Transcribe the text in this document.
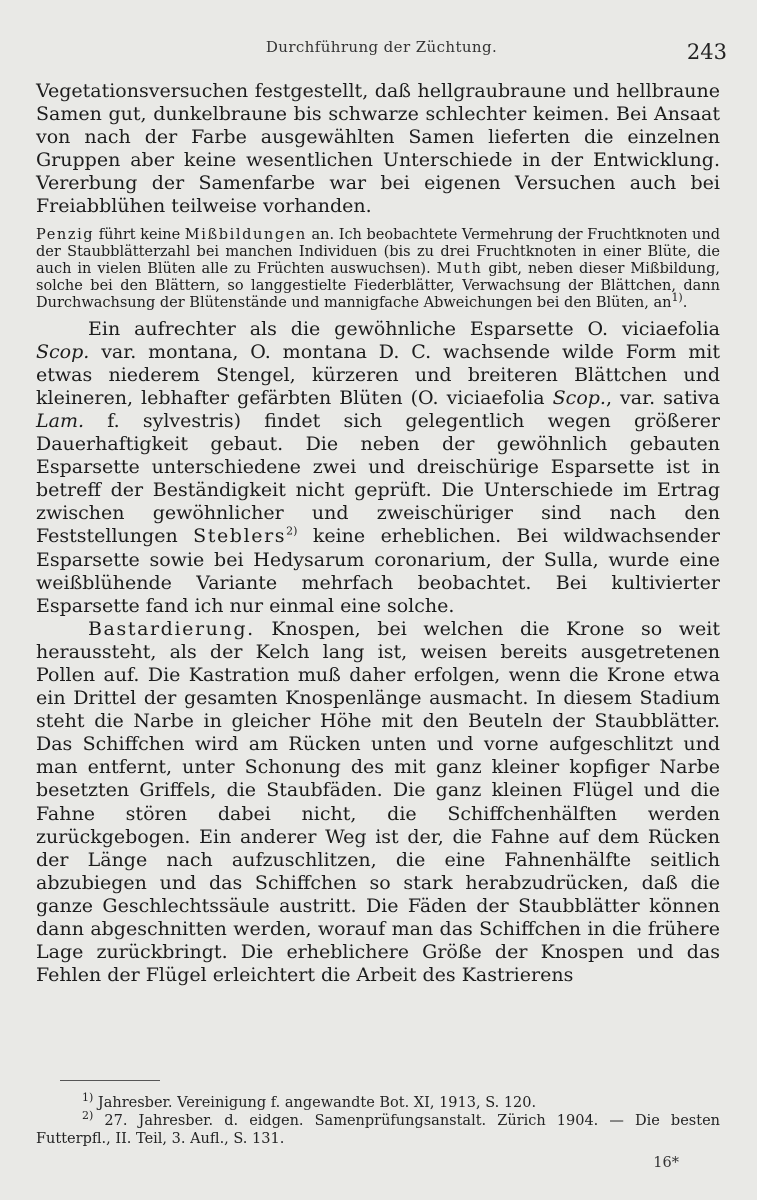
Durchführung der Züchtung.	243

Vegetationsversuchen festgestellt, daß hellgraubraune und hellbraune Samen gut, dunkelbraune bis schwarze schlechter keimen. Bei Ansaat von nach der Farbe ausgewählten Samen lieferten die einzelnen Gruppen aber keine wesentlichen Unterschiede in der Entwicklung. Vererbung der Samenfarbe war bei eigenen Versuchen auch bei Freiabblühen teilweise vorhanden.

Penzig führt keine Mißbildungen an. Ich beobachtete Vermehrung der Fruchtknoten und der Staubblätterzahl bei manchen Individuen (bis zu drei Fruchtknoten in einer Blüte, die auch in vielen Blüten alle zu Früchten auswuchsen). Muth gibt, neben dieser Mißbildung, solche bei den Blättern, so langgestielte Fiederblätter, Verwachsung der Blättchen, dann Durchwachsung der Blütenstände und mannigfache Abweichungen bei den Blüten, $an^{1)}$.

Ein aufrechter als die gewöhnliche Esparsette O. viciaefolia Scop. var. montana, O. montana D. C. wachsende wilde Form mit etwas niederem Stengel, kürzeren und breiteren Blättchen und kleineren, lebhafter gefärbten Blüten (O. viciaefolia Scop., var. sativa Lam. f. sylvestris) findet sich gelegentlich wegen größerer Dauerhaftigkeit gebaut. Die neben der gewöhnlich gebauten Esparsette unterschiedene zwei und dreischürige Esparsette ist in betreff der Beständigkeit nicht geprüft. Die Unterschiede im Ertrag zwischen gewöhnlicher und zweischüriger sind nach den Feststellungen Steblers$^{2)}$ keine erheblichen. Bei wildwachsender Esparsette sowie bei Hedysarum coronarium, der Sulla, wurde eine weißblühende Variante mehrfach beobachtet. Bei kultivierter Esparsette fand ich nur einmal eine solche.

Bastardierung. Knospen, bei welchen die Krone so weit heraussteht, als der Kelch lang ist, weisen bereits ausgetretenen Pollen auf. Die Kastration muß daher erfolgen, wenn die Krone etwa ein Drittel der gesamten Knospenlänge ausmacht. In diesem Stadium steht die Narbe in gleicher Höhe mit den Beuteln der Staubblätter. Das Schiffchen wird am Rücken unten und vorne aufgeschlitzt und man entfernt, unter Schonung des mit ganz kleiner kopfiger Narbe besetzten Griffels, die Staubfäden. Die ganz kleinen Flügel und die Fahne stören dabei nicht, die Schiffchenhälften werden zurückgebogen. Ein anderer Weg ist der, die Fahne auf dem Rücken der Länge nach aufzuschlitzen, die eine Fahnenhälfte seitlich abzubiegen und das Schiffchen so stark herabzudrücken, daß die ganze Geschlechtssäule austritt. Die Fäden der Staubblätter können dann abgeschnitten werden, worauf man das Schiffchen in die frühere Lage zurückbringt. Die erheblichere Größe der Knospen und das Fehlen der Flügel erleichtert die Arbeit des Kastrierens

$^{1)}$ Jahresber. Vereinigung f. angewandte Bot. XI, 1913, S. 120.
$^{2)}$ 27. Jahresber. d. eidgen. Samenprüfungsanstalt. Zürich 1904. — Die besten Futterpfl., II. Teil, 3. Aufl., S. 131.
16*
